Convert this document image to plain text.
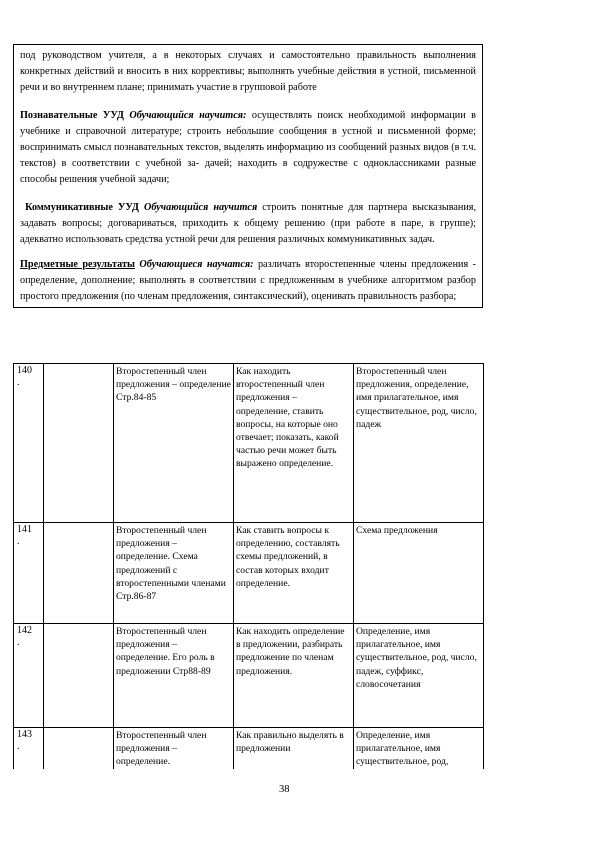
под руководством учителя, а в некоторых случаях и самостоятельно правильность выполнения конкретных действий и вносить в них коррективы; выполнять учебные действия в устной, письменной речи и во внутреннем плане; принимать участие в групповой работе

Познавательные УУД Обучающийся научится: осуществлять поиск необходимой информации в учебнике и справочной литературе; строить небольшие сообщения в устной и письменной форме; воспринимать смысл познавательных текстов, выделять информацию из сообщений разных видов (в т.ч. текстов) в соответствии с учебной за- дачей; находить в содружестве с одноклассниками разные способы решения учебной задачи;

Коммуникативные УУД Обучающийся научится строить понятные для партнера высказывания, задавать вопросы; договариваться, приходить к общему решению (при работе в паре, в группе); адекватно использовать средства устной речи для решения различных коммуникативных задач.

Предметные результаты Обучающиеся научатся: различать второстепенные члены предложения - определение, дополнение; выполнять в соответствии с предложенным в учебнике алгоритмом разбор простого предложения (по членам предложения, синтаксический), оценивать правильность разбора;

140
.		Второстепенный член предложения – определение Стр.84-85	Как находить второстепенный член предложения – определение, ставить вопросы, на которые оно отвечает; показать, какой частью речи может быть выражено определение.	Второстепенный член предложения, определение, имя прилагательное, имя существительное, род, число, падеж
141
.		Второстепенный член предложения – определение. Схема предложений с второстепенными членами Стр.86-87	Как ставить вопросы к определению, составлять схемы предложений, в состав которых входит определение.	Схема предложения
142
.		Второстепенный член предложения – определение. Его роль в предложении Стр88-89	Как находить определение в предложении, разбирать предложение по членам предложения.	Определение, имя прилагательное, имя существительное, род, число, падеж, суффикс, словосочетания
143
.		Второстепенный член предложения – определение.	Как правильно выделять в предложении	Определение, имя прилагательное, имя существительное, род,
38
